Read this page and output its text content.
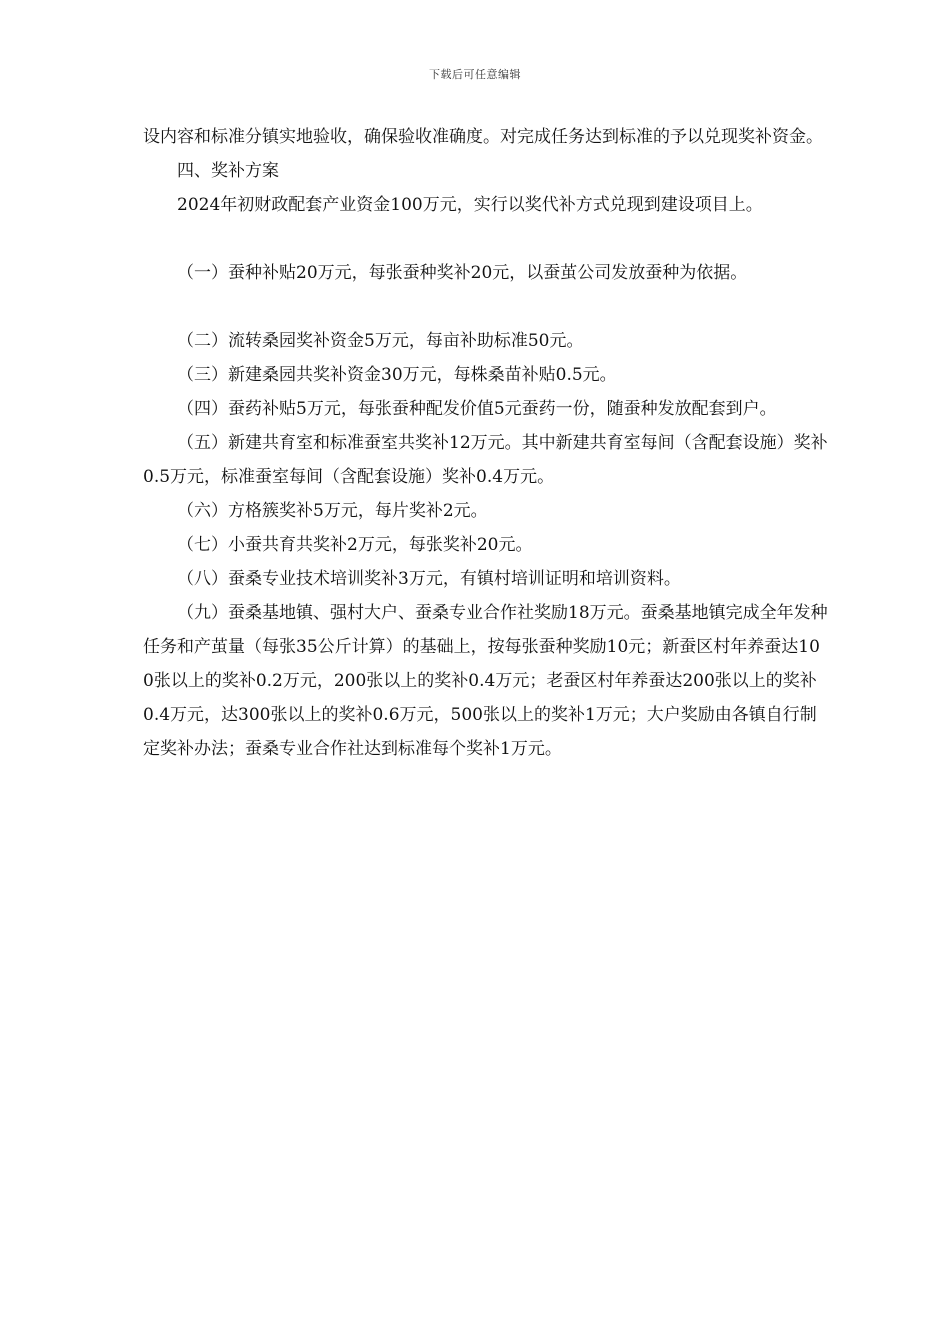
下载后可任意编辑

设内容和标准分镇实地验收，确保验收准确度。对完成任务达到标准的予以兑现奖补资金。

四、奖补方案

2024年初财政配套产业资金100万元，实行以奖代补方式兑现到建设项目上。

（一）蚕种补贴20万元，每张蚕种奖补20元，以蚕茧公司发放蚕种为依据。

（二）流转桑园奖补资金5万元，每亩补助标准50元。

（三）新建桑园共奖补资金30万元，每株桑苗补贴0.5元。

（四）蚕药补贴5万元，每张蚕种配发价值5元蚕药一份，随蚕种发放配套到户。

（五）新建共育室和标准蚕室共奖补12万元。其中新建共育室每间（含配套设施）奖补0.5万元，标准蚕室每间（含配套设施）奖补0.4万元。

（六）方格簇奖补5万元，每片奖补2元。

（七）小蚕共育共奖补2万元，每张奖补20元。

（八）蚕桑专业技术培训奖补3万元，有镇村培训证明和培训资料。

（九）蚕桑基地镇、强村大户、蚕桑专业合作社奖励18万元。蚕桑基地镇完成全年发种任务和产茧量（每张35公斤计算）的基础上，按每张蚕种奖励10元；新蚕区村年养蚕达100张以上的奖补0.2万元，200张以上的奖补0.4万元；老蚕区村年养蚕达200张以上的奖补0.4万元，达300张以上的奖补0.6万元，500张以上的奖补1万元；大户奖励由各镇自行制定奖补办法；蚕桑专业合作社达到标准每个奖补1万元。
